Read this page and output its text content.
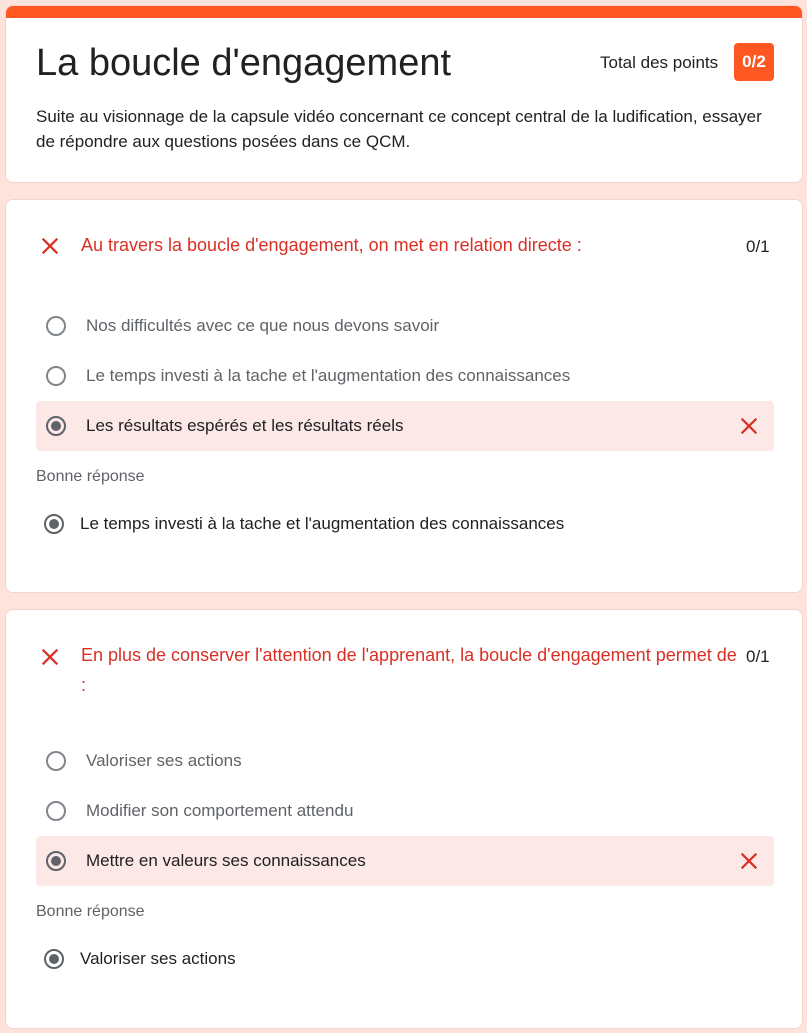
La boucle d'engagement	Total des points	0/2

Suite au visionnage de la capsule vidéo concernant ce concept central de la ludification, essayer de répondre aux questions posées dans ce QCM.

Au travers la boucle d'engagement, on met en relation directe :	0/1
Nos difficultés avec ce que nous devons savoir
Le temps investi à la tache et l'augmentation des connaissances
Les résultats espérés et les résultats réels
Bonne réponse
Le temps investi à la tache et l'augmentation des connaissances
En plus de conserver l'attention de l'apprenant, la boucle d'engagement permet de :
0/1
Valoriser ses actions
Modifier son comportement attendu
Mettre en valeurs ses connaissances
Bonne réponse
Valoriser ses actions
